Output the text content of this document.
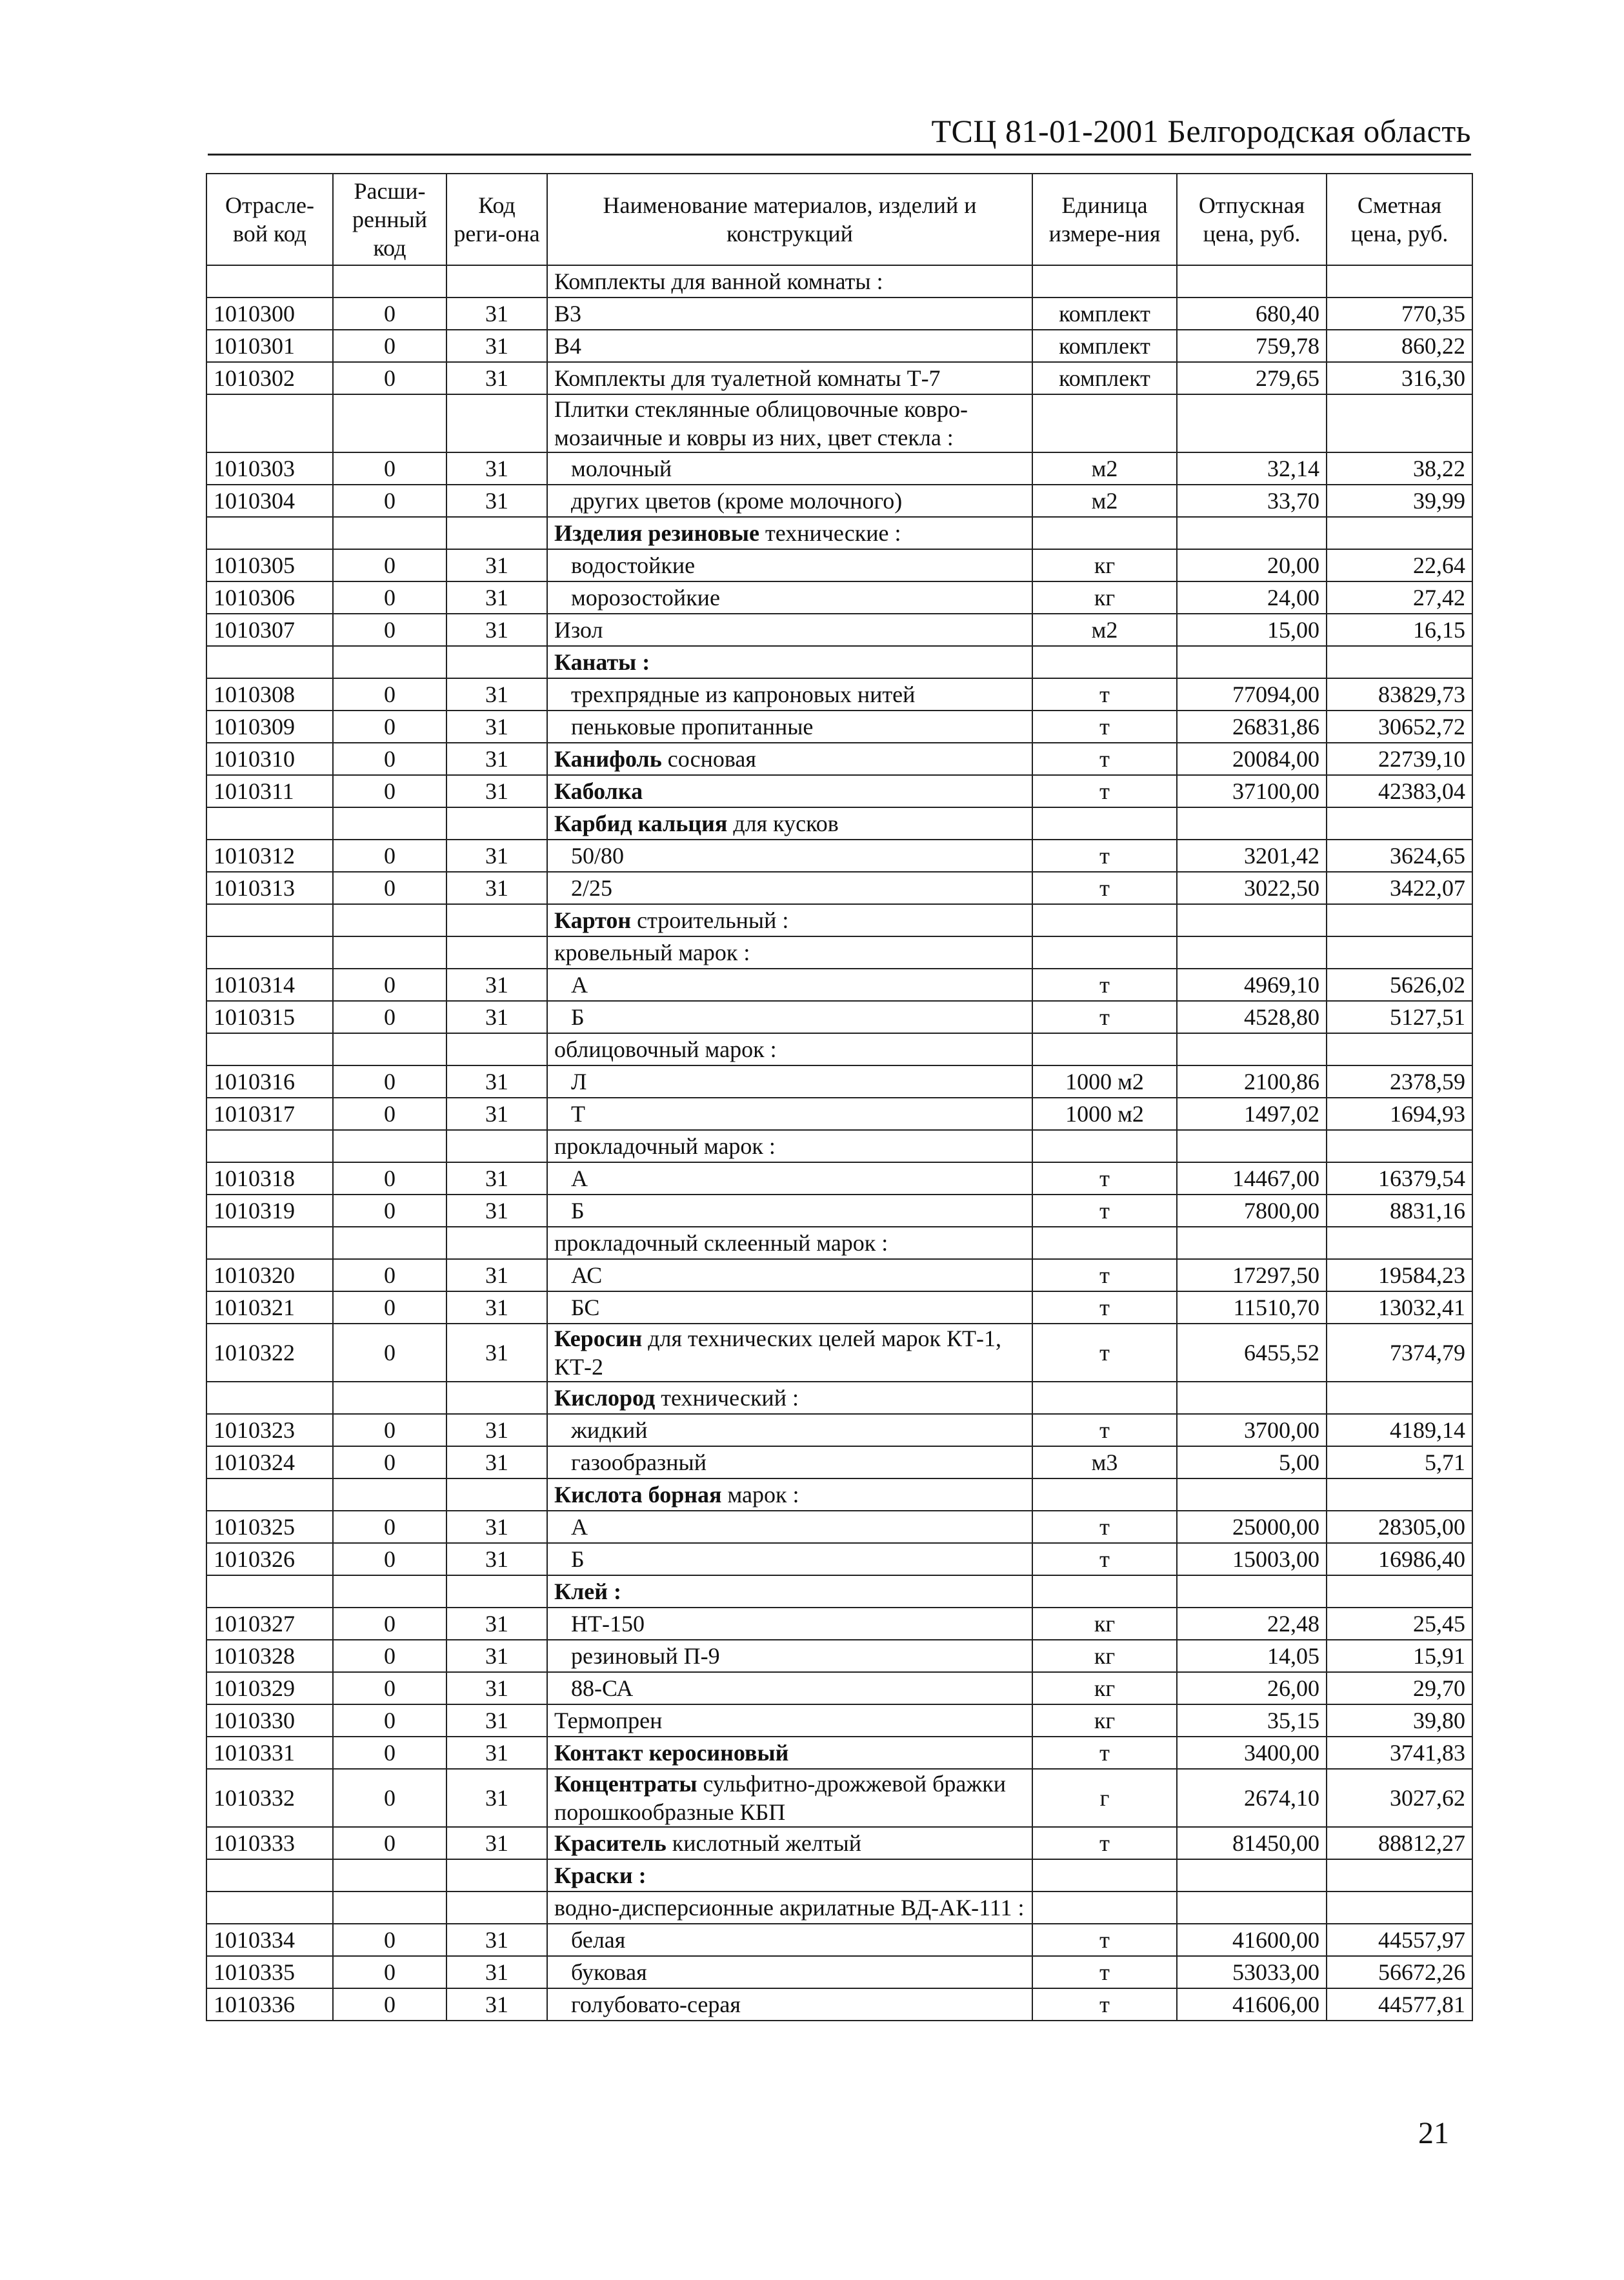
ТСЦ 81-01-2001 Белгородская область
Отрасле-вой код	Расши-ренный код	Код реги-она	Наименование материалов, изделий и конструкций	Единица измере-ния	Отпускная цена, руб.	Сметная цена, руб.
			Комплекты для ванной комнаты :			
1010300	0	31	В3	комплект	680,40	770,35
1010301	0	31	В4	комплект	759,78	860,22
1010302	0	31	Комплекты для туалетной комнаты Т-7	комплект	279,65	316,30
			Плитки стеклянные облицовочные ковро-мозаичные и ковры из них, цвет стекла :			
1010303	0	31	молочный	м2	32,14	38,22
1010304	0	31	других цветов (кроме молочного)	м2	33,70	39,99
			Изделия резиновые технические :			
1010305	0	31	водостойкие	кг	20,00	22,64
1010306	0	31	морозостойкие	кг	24,00	27,42
1010307	0	31	Изол	м2	15,00	16,15
			Канаты :			
1010308	0	31	трехпрядные из капроновых нитей	т	77094,00	83829,73
1010309	0	31	пеньковые пропитанные	т	26831,86	30652,72
1010310	0	31	Канифоль сосновая	т	20084,00	22739,10
1010311	0	31	Каболка	т	37100,00	42383,04
			Карбид кальция для кусков			
1010312	0	31	50/80	т	3201,42	3624,65
1010313	0	31	2/25	т	3022,50	3422,07
			Картон строительный :			
			кровельный марок :			
1010314	0	31	А	т	4969,10	5626,02
1010315	0	31	Б	т	4528,80	5127,51
			облицовочный марок :			
1010316	0	31	Л	1000 м2	2100,86	2378,59
1010317	0	31	Т	1000 м2	1497,02	1694,93
			прокладочный марок :			
1010318	0	31	А	т	14467,00	16379,54
1010319	0	31	Б	т	7800,00	8831,16
			прокладочный склеенный марок :			
1010320	0	31	АС	т	17297,50	19584,23
1010321	0	31	БС	т	11510,70	13032,41
1010322	0	31	Керосин для технических целей марок КТ-1, КТ-2	т	6455,52	7374,79
			Кислород технический :			
1010323	0	31	жидкий	т	3700,00	4189,14
1010324	0	31	газообразный	м3	5,00	5,71
			Кислота борная марок :			
1010325	0	31	А	т	25000,00	28305,00
1010326	0	31	Б	т	15003,00	16986,40
			Клей :			
1010327	0	31	НТ-150	кг	22,48	25,45
1010328	0	31	резиновый П-9	кг	14,05	15,91
1010329	0	31	88-СА	кг	26,00	29,70
1010330	0	31	Термопрен	кг	35,15	39,80
1010331	0	31	Контакт керосиновый	т	3400,00	3741,83
1010332	0	31	Концентраты сульфитно-дрожжевой бражки порошкообразные КБП	г	2674,10	3027,62
1010333	0	31	Краситель кислотный желтый	т	81450,00	88812,27
			Краски :			
			водно-дисперсионные акрилатные ВД-АК-111 :			
1010334	0	31	белая	т	41600,00	44557,97
1010335	0	31	буковая	т	53033,00	56672,26
1010336	0	31	голубовато-серая	т	41606,00	44577,81
21
